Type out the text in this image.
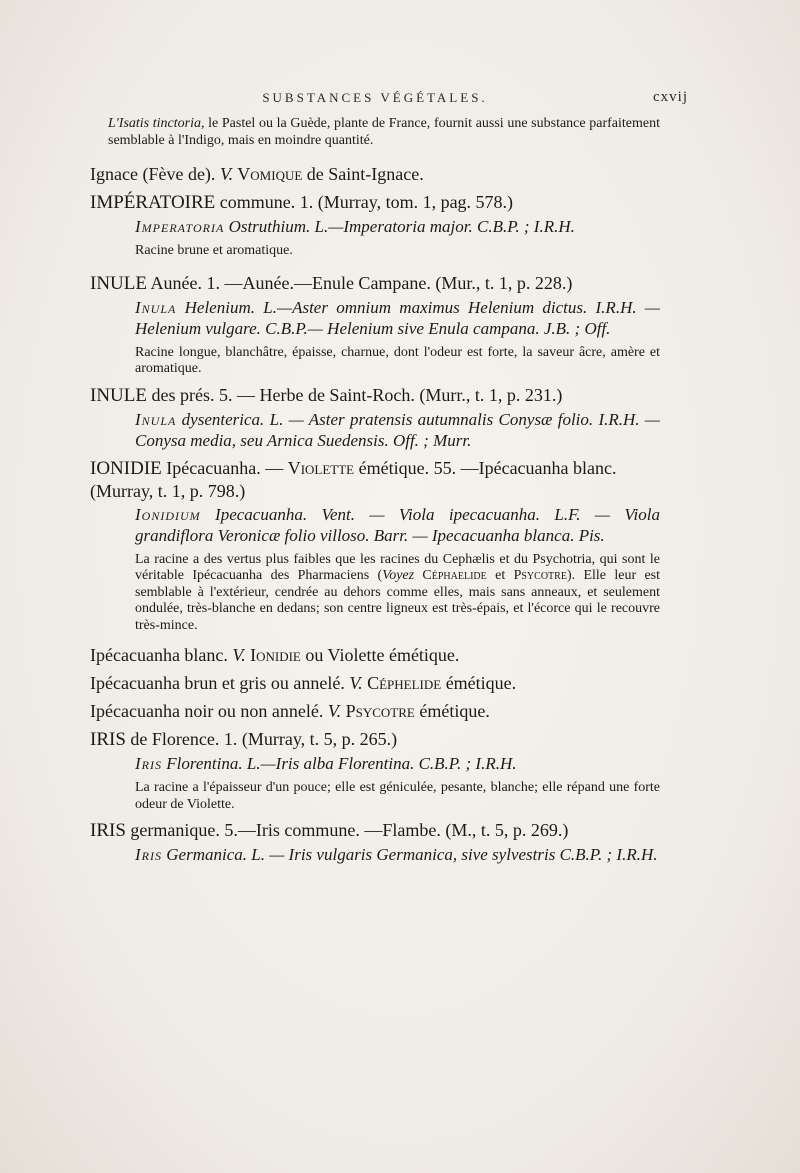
SUBSTANCES VÉGÉTALES.	cxvij

L'Isatis tinctoria, le Pastel ou la Guède, plante de France, fournit aussi une substance parfaitement semblable à l'Indigo, mais en moindre quantité.

Ignace (Fève de). V. Vomique de Saint-Ignace.

IMPÉRATOIRE commune. 1. (Murray, tom. 1, pag. 578.)

Imperatoria Ostruthium. L.—Imperatoria major. C.B.P. ; I.R.H.

Racine brune et aromatique.

INULE Aunée. 1. —Aunée.—Enule Campane. (Mur., t. 1, p. 228.)

Inula Helenium. L.—Aster omnium maximus Helenium dictus. I.R.H. — Helenium vulgare. C.B.P.— Helenium sive Enula campana. J.B. ; Off.

Racine longue, blanchâtre, épaisse, charnue, dont l'odeur est forte, la saveur âcre, amère et aromatique.

INULE des prés. 5. — Herbe de Saint-Roch. (Murr., t. 1, p. 231.)

Inula dysenterica. L. — Aster pratensis autumnalis Conysæ folio. I.R.H. — Conysa media, seu Arnica Suedensis. Off. ; Murr.

IONIDIE Ipécacuanha. — Violette émétique. 55. —Ipécacuanha blanc. (Murray, t. 1, p. 798.)

Ionidium Ipecacuanha. Vent. — Viola ipecacuanha. L.F. — Viola grandiflora Veronicæ folio villoso. Barr. — Ipecacuanha blanca. Pis.

La racine a des vertus plus faibles que les racines du Cephælis et du Psychotria, qui sont le véritable Ipécacuanha des Pharmaciens (Voyez Céphaelide et Psycotre). Elle leur est semblable à l'extérieur, cendrée au dehors comme elles, mais sans anneaux, et seulement ondulée, très-blanche en dedans; son centre ligneux est très-épais, et l'écorce qui le recouvre très-mince.

Ipécacuanha blanc. V. Ionidie ou Violette émétique.

Ipécacuanha brun et gris ou annelé. V. Céphelide émétique.

Ipécacuanha noir ou non annelé. V. Psycotre émétique.

IRIS de Florence. 1. (Murray, t. 5, p. 265.)

Iris Florentina. L.—Iris alba Florentina. C.B.P. ; I.R.H.

La racine a l'épaisseur d'un pouce; elle est géniculée, pesante, blanche; elle répand une forte odeur de Violette.

IRIS germanique. 5.—Iris commune. —Flambe. (M., t. 5, p. 269.)

Iris Germanica. L. — Iris vulgaris Germanica, sive sylvestris C.B.P. ; I.R.H.
